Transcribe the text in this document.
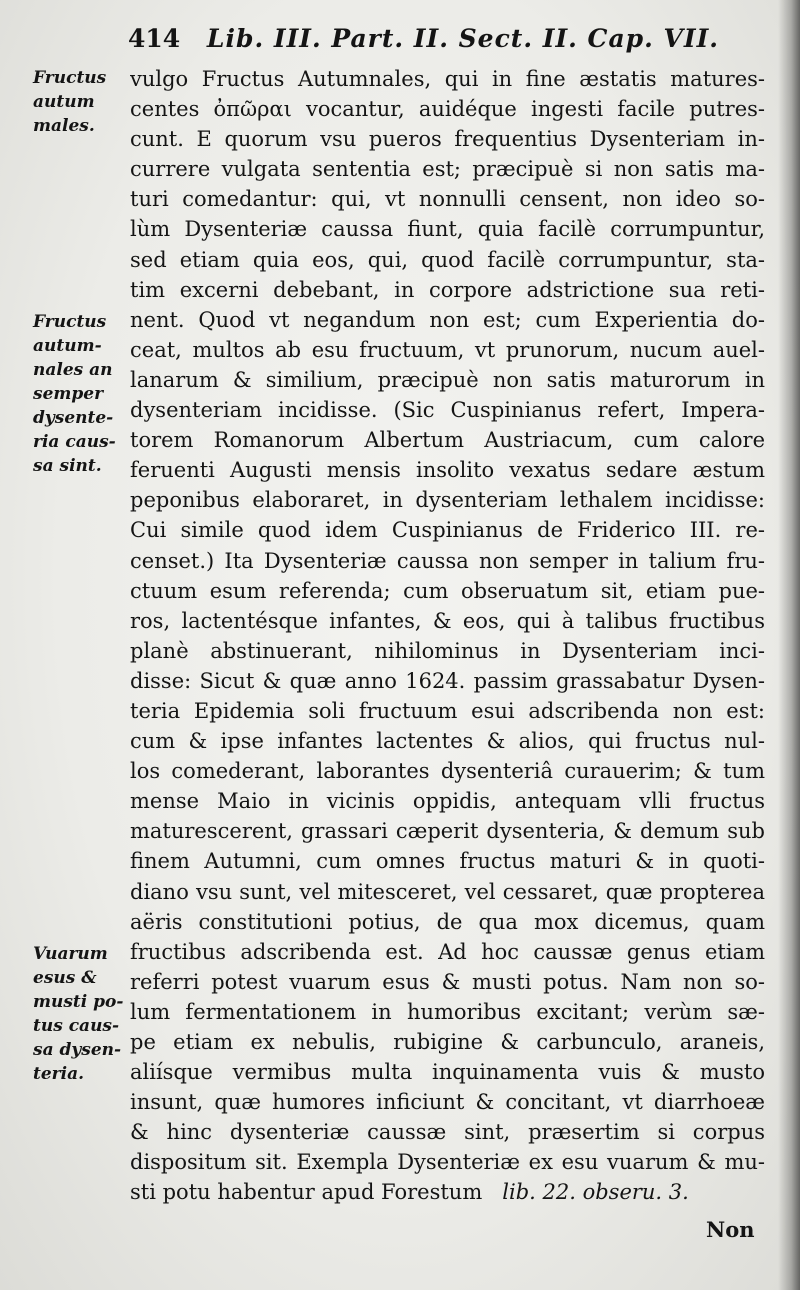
414 Lib. III. Part. II. Sect. II. Cap. VII.
Fructus
autum
males.
Fructus
autum-
nales an
semper
dysente-
ria caus-
sa sint.
Vuarum
esus &
musti po-
tus caus-
sa dysen-
teria.
vulgo Fructus Autumnales, qui in fine æstatis matures-
centes ὀπῶραι vocantur, auidéque ingesti facile putres-
cunt. E quorum vsu pueros frequentius Dysenteriam in-
currere vulgata sententia est; præcipuè si non satis ma-
turi comedantur: qui, vt nonnulli censent, non ideo so-
lùm Dysenteriæ caussa fiunt, quia facilè corrumpuntur,
sed etiam quia eos, qui, quod facilè corrumpuntur, sta-
tim excerni debebant, in corpore adstrictione sua reti-
nent. Quod vt negandum non est; cum Experientia do-
ceat, multos ab esu fructuum, vt prunorum, nucum auel-
lanarum & similium, præcipuè non satis maturorum in
dysenteriam incidisse. (Sic Cuspinianus refert, Impera-
torem Romanorum Albertum Austriacum, cum calore
feruenti Augusti mensis insolito vexatus sedare æstum
peponibus elaboraret, in dysenteriam lethalem incidisse:
Cui simile quod idem Cuspinianus de Friderico III. re-
censet.) Ita Dysenteriæ caussa non semper in talium fru-
ctuum esum referenda; cum obseruatum sit, etiam pue-
ros, lactentésque infantes, & eos, qui à talibus fructibus
planè abstinuerant, nihilominus in Dysenteriam inci-
disse: Sicut & quæ anno 1624. passim grassabatur Dysen-
teria Epidemia soli fructuum esui adscribenda non est:
cum & ipse infantes lactentes & alios, qui fructus nul-
los comederant, laborantes dysenteriâ curauerim; & tum
mense Maio in vicinis oppidis, antequam vlli fructus
maturescerent, grassari cæperit dysenteria, & demum sub
finem Autumni, cum omnes fructus maturi & in quoti-
diano vsu sunt, vel mitesceret, vel cessaret, quæ propterea
aëris constitutioni potius, de qua mox dicemus, quam
fructibus adscribenda est. Ad hoc caussæ genus etiam
referri potest vuarum esus & musti potus. Nam non so-
lum fermentationem in humoribus excitant; verùm sæ-
pe etiam ex nebulis, rubigine & carbunculo, araneis,
aliísque vermibus multa inquinamenta vuis & musto
insunt, quæ humores inficiunt & concitant, vt diarrhoeæ
& hinc dysenteriæ caussæ sint, præsertim si corpus
dispositum sit. Exempla Dysenteriæ ex esu vuarum & mu-
sti potu habentur apud Forestum lib. 22. obseru. 3.
Non
